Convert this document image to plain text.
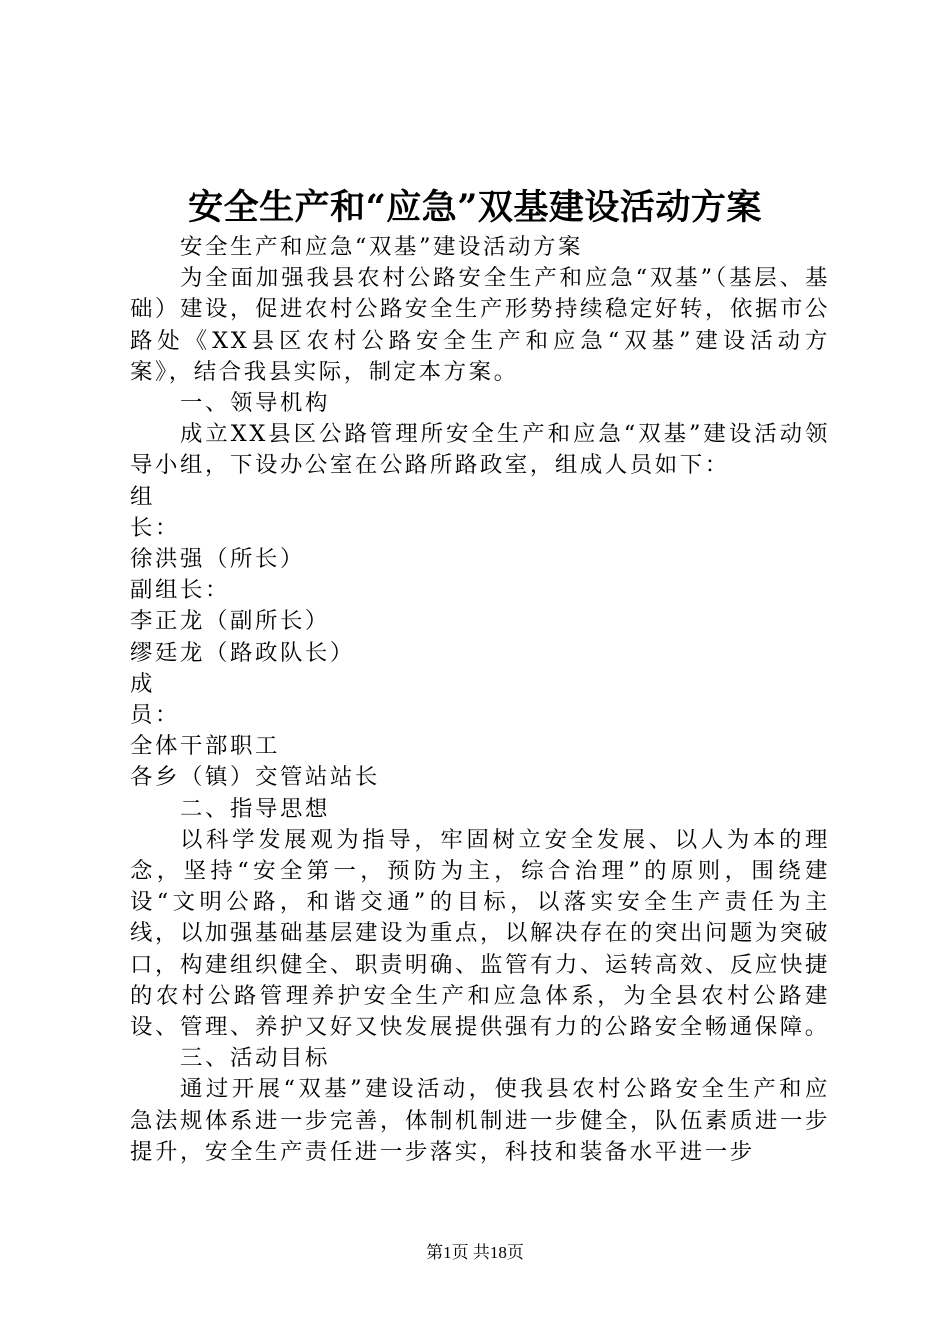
安全生产和“应急”双基建设活动方案

安全生产和应急“双基”建设活动方案

为全面加强我县农村公路安全生产和应急“双基”（基层、基础）建设，促进农村公路安全生产形势持续稳定好转，依据市公路处《XX县区农村公路安全生产和应急“双基”建设活动方案》，结合我县实际，制定本方案。

一、领导机构

成立XX县区公路管理所安全生产和应急“双基”建设活动领导小组，下设办公室在公路所路政室，组成人员如下：

组

长：

徐洪强（所长）

副组长：

李正龙（副所长）

缪廷龙（路政队长）

成

员：

全体干部职工

各乡（镇）交管站站长

二、指导思想

以科学发展观为指导，牢固树立安全发展、以人为本的理念，坚持“安全第一，预防为主，综合治理”的原则，围绕建设“文明公路，和谐交通”的目标，以落实安全生产责任为主线，以加强基础基层建设为重点，以解决存在的突出问题为突破口，构建组织健全、职责明确、监管有力、运转高效、反应快捷的农村公路管理养护安全生产和应急体系，为全县农村公路建设、管理、养护又好又快发展提供强有力的公路安全畅通保障。

三、活动目标

通过开展“双基”建设活动，使我县农村公路安全生产和应急法规体系进一步完善，体制机制进一步健全，队伍素质进一步提升，安全生产责任进一步落实，科技和装备水平进一步

第1页 共18页
